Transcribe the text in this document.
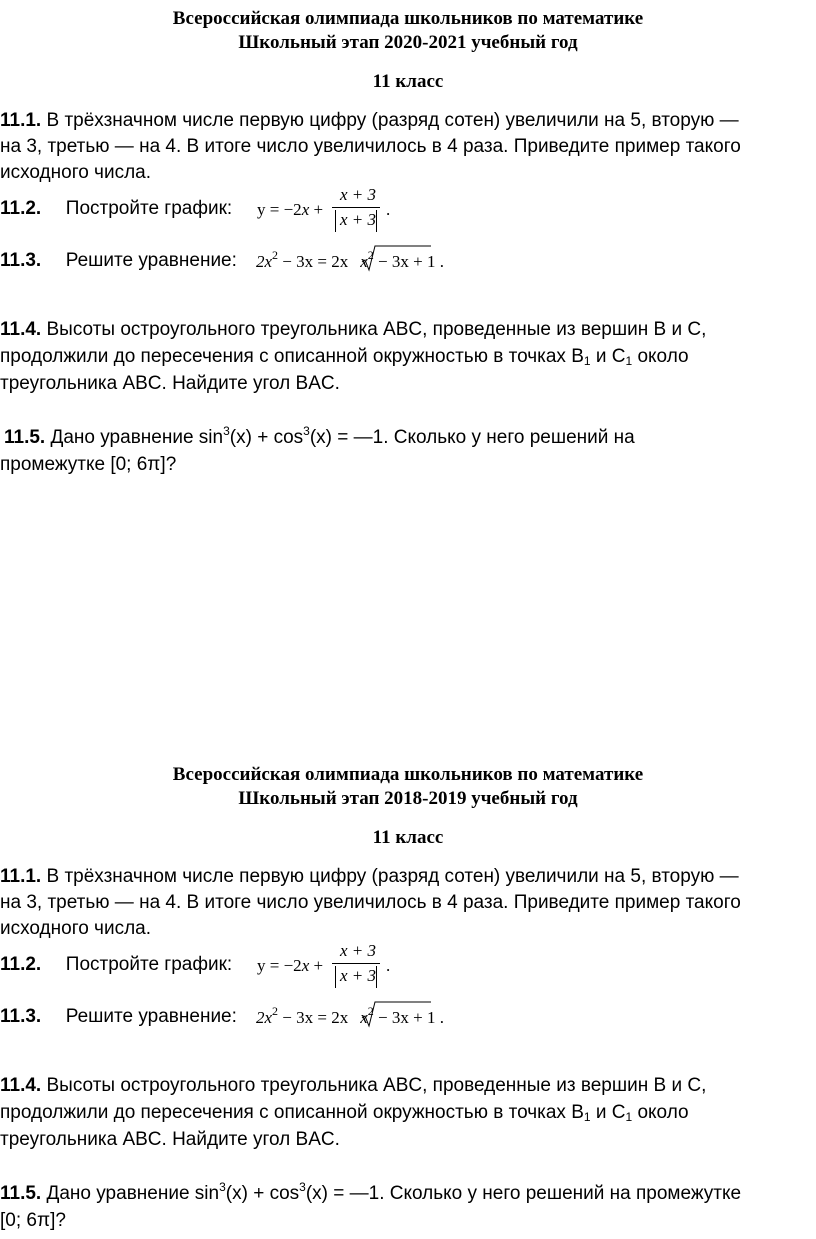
Всероссийская олимпиада школьников по математике
Школьный этап 2020-2021 учебный год
11 класс
11.1. В трёхзначном числе первую цифру (разряд сотен) увеличили на 5, вторую —
на 3, третью — на 4. В итоге число увеличилось в 4 раза. Приведите пример такого
исходного числа.
11.2. Постройте график: y = −2x +
x + 3
x + 3
.
11.3. Решите уравнение: $2x^2 - 3x = 2x$ $x^2 - 3x + 1$ .
11.4. Высоты остроугольного треугольника ABC, проведенные из вершин B и C,
продолжили до пересечения с описанной окружностью в точках B1 и C1 около
треугольника ABC. Найдите угол BAC.
11.5. Дано уравнение $\sin^3(x) + \cos^3(x)$ = —1. Сколько у него решений на
промежутке [0; 6π]?
Всероссийская олимпиада школьников по математике
Школьный этап 2018-2019 учебный год
11 класс
11.1. В трёхзначном числе первую цифру (разряд сотен) увеличили на 5, вторую —
на 3, третью — на 4. В итоге число увеличилось в 4 раза. Приведите пример такого
исходного числа.
11.2. Постройте график: y = −2x +
x + 3
x + 3
.
11.3. Решите уравнение: $2x^2 - 3x = 2x$ $x^2 - 3x + 1$ .
11.4. Высоты остроугольного треугольника ABC, проведенные из вершин B и C,
продолжили до пересечения с описанной окружностью в точках B1 и C1 около
треугольника ABC. Найдите угол BAC.
11.5. Дано уравнение $\sin^3(x) + \cos^3(x)$ = —1. Сколько у него решений на промежутке
[0; 6π]?
